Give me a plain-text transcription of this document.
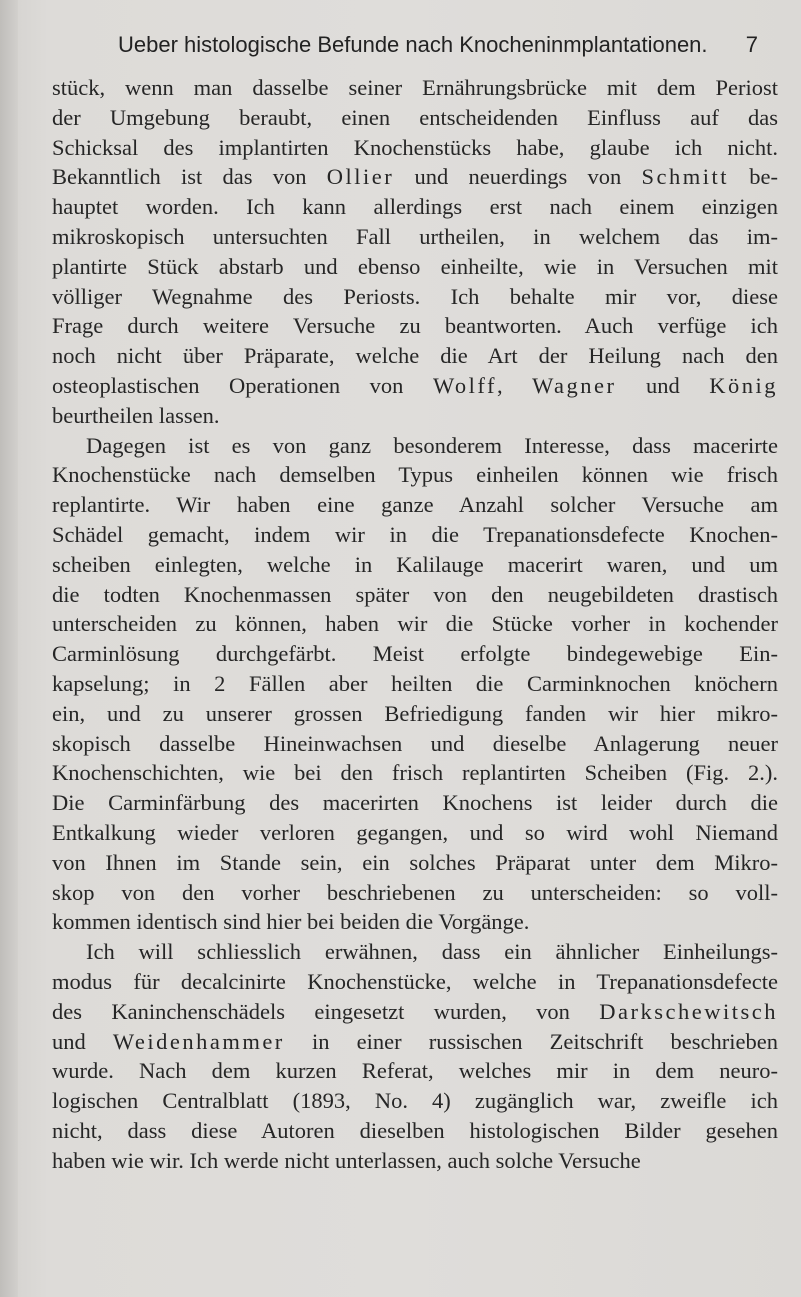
Ueber histologische Befunde nach Knocheninmplantationen. 7
stück, wenn man dasselbe seiner Ernährungsbrücke mit dem Periost
der Umgebung beraubt, einen entscheidenden Einfluss auf das
Schicksal des implantirten Knochenstücks habe, glaube ich nicht.
Bekanntlich ist das von Ollier und neuerdings von Schmitt be-
hauptet worden. Ich kann allerdings erst nach einem einzigen
mikroskopisch untersuchten Fall urtheilen, in welchem das im-
plantirte Stück abstarb und ebenso einheilte, wie in Versuchen mit
völliger Wegnahme des Periosts. Ich behalte mir vor, diese
Frage durch weitere Versuche zu beantworten. Auch verfüge ich
noch nicht über Präparate, welche die Art der Heilung nach den
osteoplastischen Operationen von Wolff, Wagner und König
beurtheilen lassen.
Dagegen ist es von ganz besonderem Interesse, dass macerirte
Knochenstücke nach demselben Typus einheilen können wie frisch
replantirte. Wir haben eine ganze Anzahl solcher Versuche am
Schädel gemacht, indem wir in die Trepanationsdefecte Knochen-
scheiben einlegten, welche in Kalilauge macerirt waren, und um
die todten Knochenmassen später von den neugebildeten drastisch
unterscheiden zu können, haben wir die Stücke vorher in kochender
Carminlösung durchgefärbt. Meist erfolgte bindegewebige Ein-
kapselung; in 2 Fällen aber heilten die Carminknochen knöchern
ein, und zu unserer grossen Befriedigung fanden wir hier mikro-
skopisch dasselbe Hineinwachsen und dieselbe Anlagerung neuer
Knochenschichten, wie bei den frisch replantirten Scheiben (Fig. 2.).
Die Carminfärbung des macerirten Knochens ist leider durch die
Entkalkung wieder verloren gegangen, und so wird wohl Niemand
von Ihnen im Stande sein, ein solches Präparat unter dem Mikro-
skop von den vorher beschriebenen zu unterscheiden: so voll-
kommen identisch sind hier bei beiden die Vorgänge.
Ich will schliesslich erwähnen, dass ein ähnlicher Einheilungs-
modus für decalcinirte Knochenstücke, welche in Trepanationsdefecte
des Kaninchenschädels eingesetzt wurden, von Darkschewitsch
und Weidenhammer in einer russischen Zeitschrift beschrieben
wurde. Nach dem kurzen Referat, welches mir in dem neuro-
logischen Centralblatt (1893, No. 4) zugänglich war, zweifle ich
nicht, dass diese Autoren dieselben histologischen Bilder gesehen
haben wie wir. Ich werde nicht unterlassen, auch solche Versuche
